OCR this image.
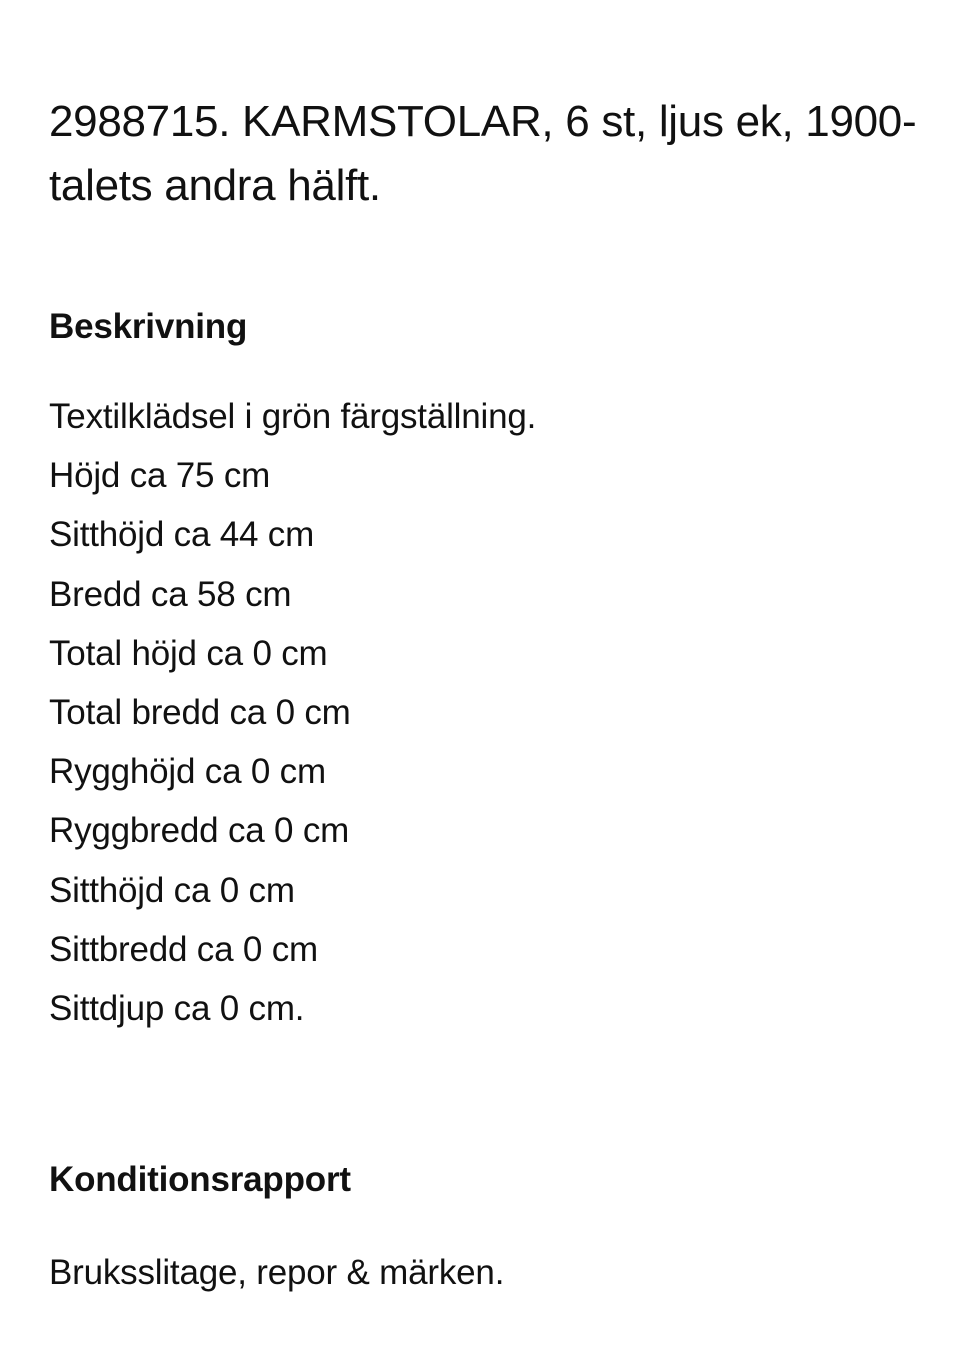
2988715. KARMSTOLAR, 6 st, ljus ek, 1900-talets andra hälft.
Beskrivning
Textilklädsel i grön färgställning.
Höjd ca 75 cm
Sitthöjd ca 44 cm
Bredd ca 58 cm
Total höjd ca 0 cm
Total bredd ca 0 cm
Rygghöjd ca 0 cm
Ryggbredd ca 0 cm
Sitthöjd ca 0 cm
Sittbredd ca 0 cm
Sittdjup ca 0 cm.
Konditionsrapport

Bruksslitage, repor & märken.
